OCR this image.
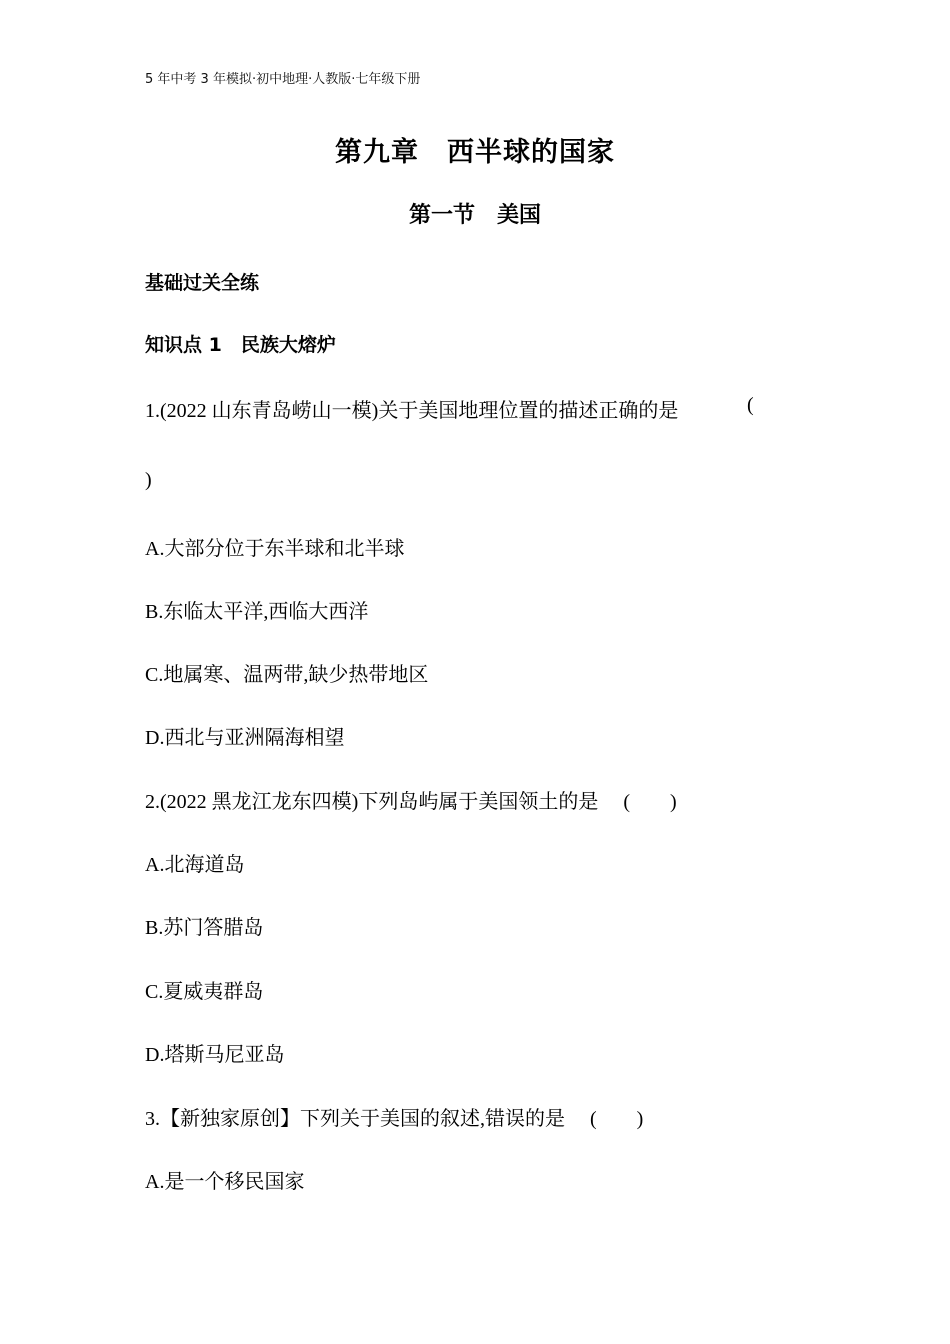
5 年中考 3 年模拟·初中地理·人教版·七年级下册
第九章　西半球的国家
第一节　美国
基础过关全练
知识点 1　民族大熔炉
1.(2022 山东青岛崂山一模)关于美国地理位置的描述正确的是	(
)
A.大部分位于东半球和北半球
B.东临太平洋,西临大西洋
C.地属寒、温两带,缺少热带地区
D.西北与亚洲隔海相望
2.(2022 黑龙江龙东四模)下列岛屿属于美国领土的是　 (　　)
A.北海道岛
B.苏门答腊岛
C.夏威夷群岛
D.塔斯马尼亚岛
3.【新独家原创】下列关于美国的叙述,错误的是　 (　　)
A.是一个移民国家
